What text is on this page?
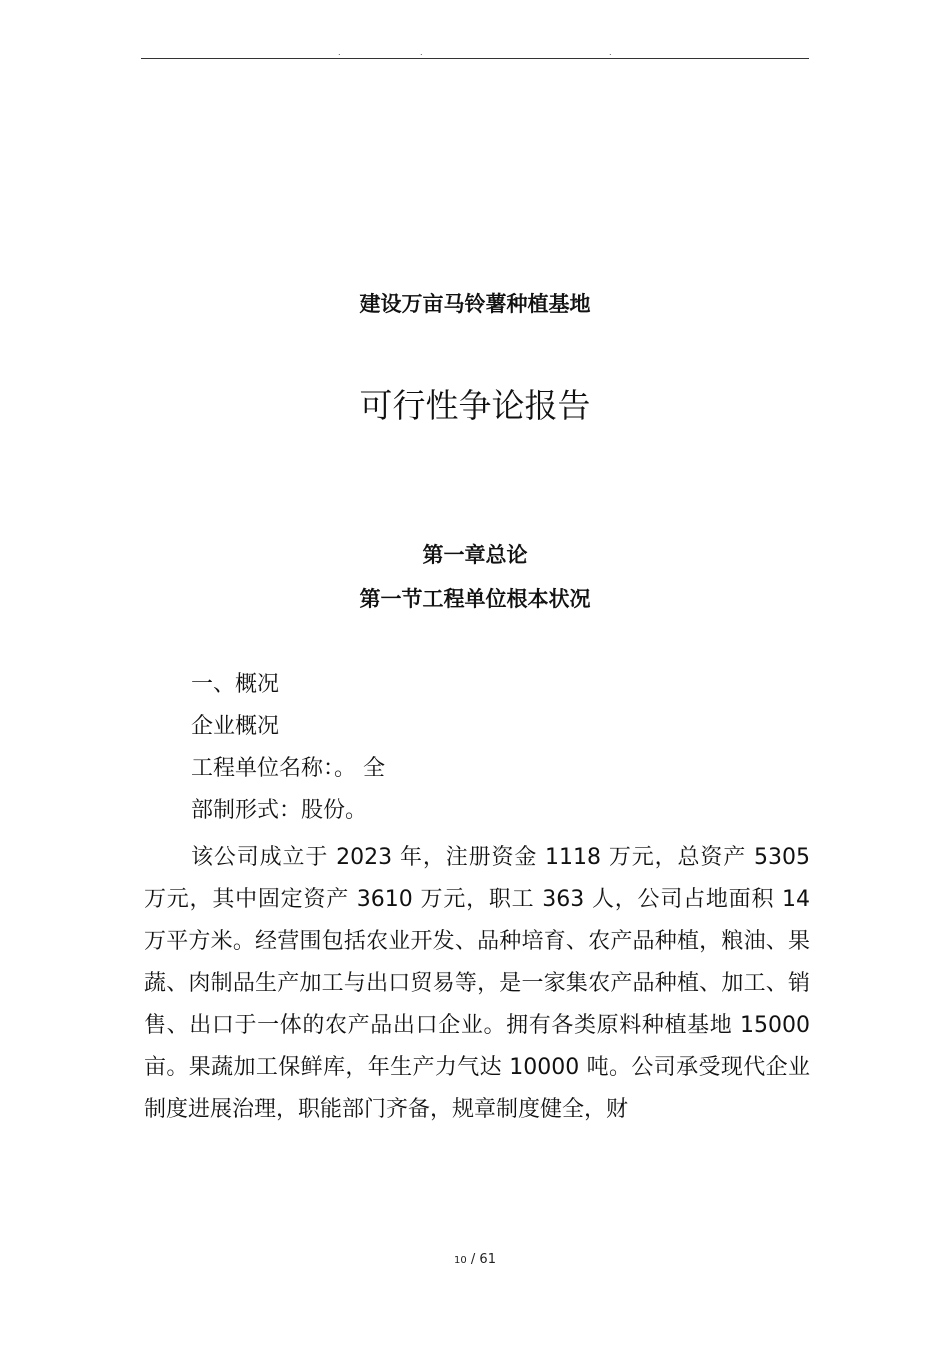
.	.	.
建设万亩马铃薯种植基地
可行性争论报告
第一章总论
第一节工程单位根本状况
一、概况
企业概况
工程单位名称：。 全
部制形式：股份。
该公司成立于 2023 年，注册资金 1118 万元，总资产 5305 万元，其中固定资产 3610 万元，职工 363 人，公司占地面积 14 万平方米。经营围包括农业开发、品种培育、农产品种植，粮油、果蔬、肉制品生产加工与出口贸易等，是一家集农产品种植、加工、销售、出口于一体的农产品出口企业。拥有各类原料种植基地 15000 亩。果蔬加工保鲜库，年生产力气达 10000 吨。公司承受现代企业制度进展治理，职能部门齐备，规章制度健全，财
10 / 61
